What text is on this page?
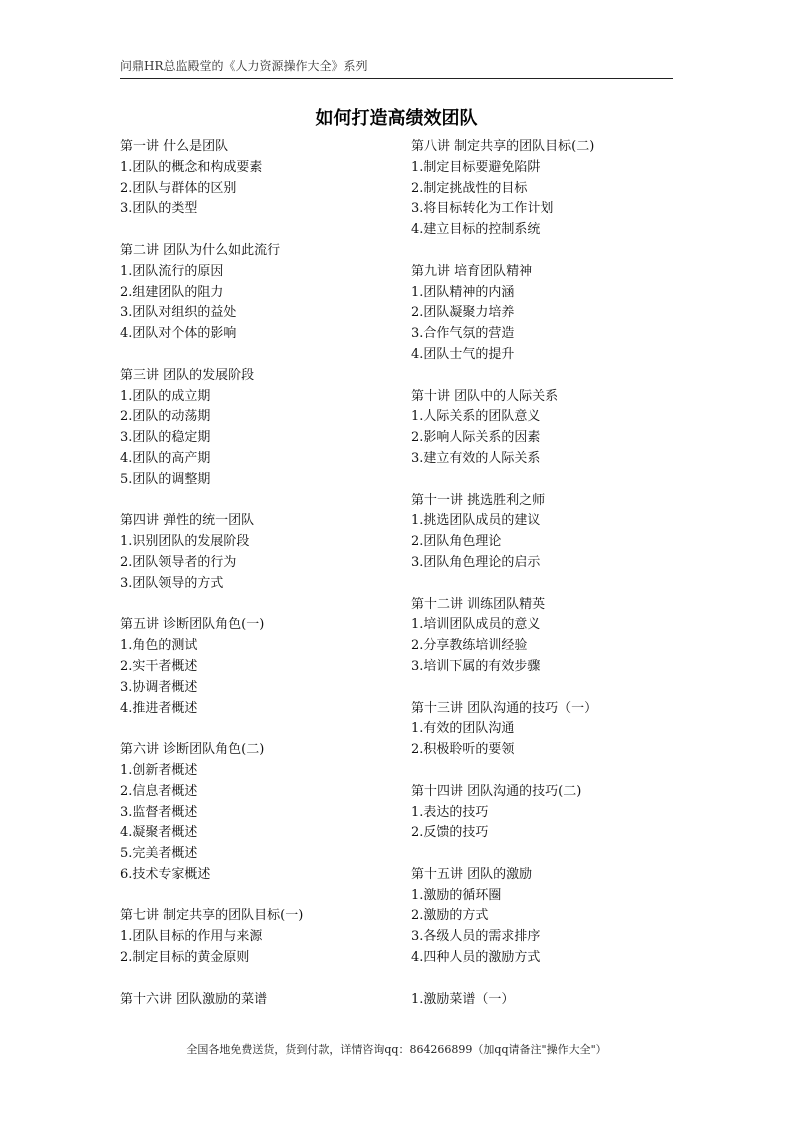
问鼎HR总监殿堂的《人力资源操作大全》系列
如何打造高绩效团队
第一讲 什么是团队
1.团队的概念和构成要素
2.团队与群体的区别
3.团队的类型
第二讲 团队为什么如此流行
1.团队流行的原因
2.组建团队的阻力
3.团队对组织的益处
4.团队对个体的影响
第三讲 团队的发展阶段
1.团队的成立期
2.团队的动荡期
3.团队的稳定期
4.团队的高产期
5.团队的调整期
第四讲 弹性的统一团队
1.识别团队的发展阶段
2.团队领导者的行为
3.团队领导的方式
第五讲 诊断团队角色(一)
1.角色的测试
2.实干者概述
3.协调者概述
4.推进者概述
第六讲 诊断团队角色(二)
1.创新者概述
2.信息者概述
3.监督者概述
4.凝聚者概述
5.完美者概述
6.技术专家概述
第七讲 制定共享的团队目标(一)
1.团队目标的作用与来源
2.制定目标的黄金原则
第十六讲 团队激励的菜谱
第八讲 制定共享的团队目标(二)
1.制定目标要避免陷阱
2.制定挑战性的目标
3.将目标转化为工作计划
4.建立目标的控制系统
第九讲 培育团队精神
1.团队精神的内涵
2.团队凝聚力培养
3.合作气氛的营造
4.团队士气的提升
第十讲 团队中的人际关系
1.人际关系的团队意义
2.影响人际关系的因素
3.建立有效的人际关系
第十一讲 挑选胜利之师
1.挑选团队成员的建议
2.团队角色理论
3.团队角色理论的启示
第十二讲 训练团队精英
1.培训团队成员的意义
2.分享教练培训经验
3.培训下属的有效步骤
第十三讲 团队沟通的技巧（一）
1.有效的团队沟通
2.积极聆听的要领
第十四讲 团队沟通的技巧(二)
1.表达的技巧
2.反馈的技巧
第十五讲 团队的激励
1.激励的循环圈
2.激励的方式
3.各级人员的需求排序
4.四种人员的激励方式
1.激励菜谱（一）
全国各地免费送货，货到付款，详情咨询qq：864266899（加qq请备注"操作大全"）
